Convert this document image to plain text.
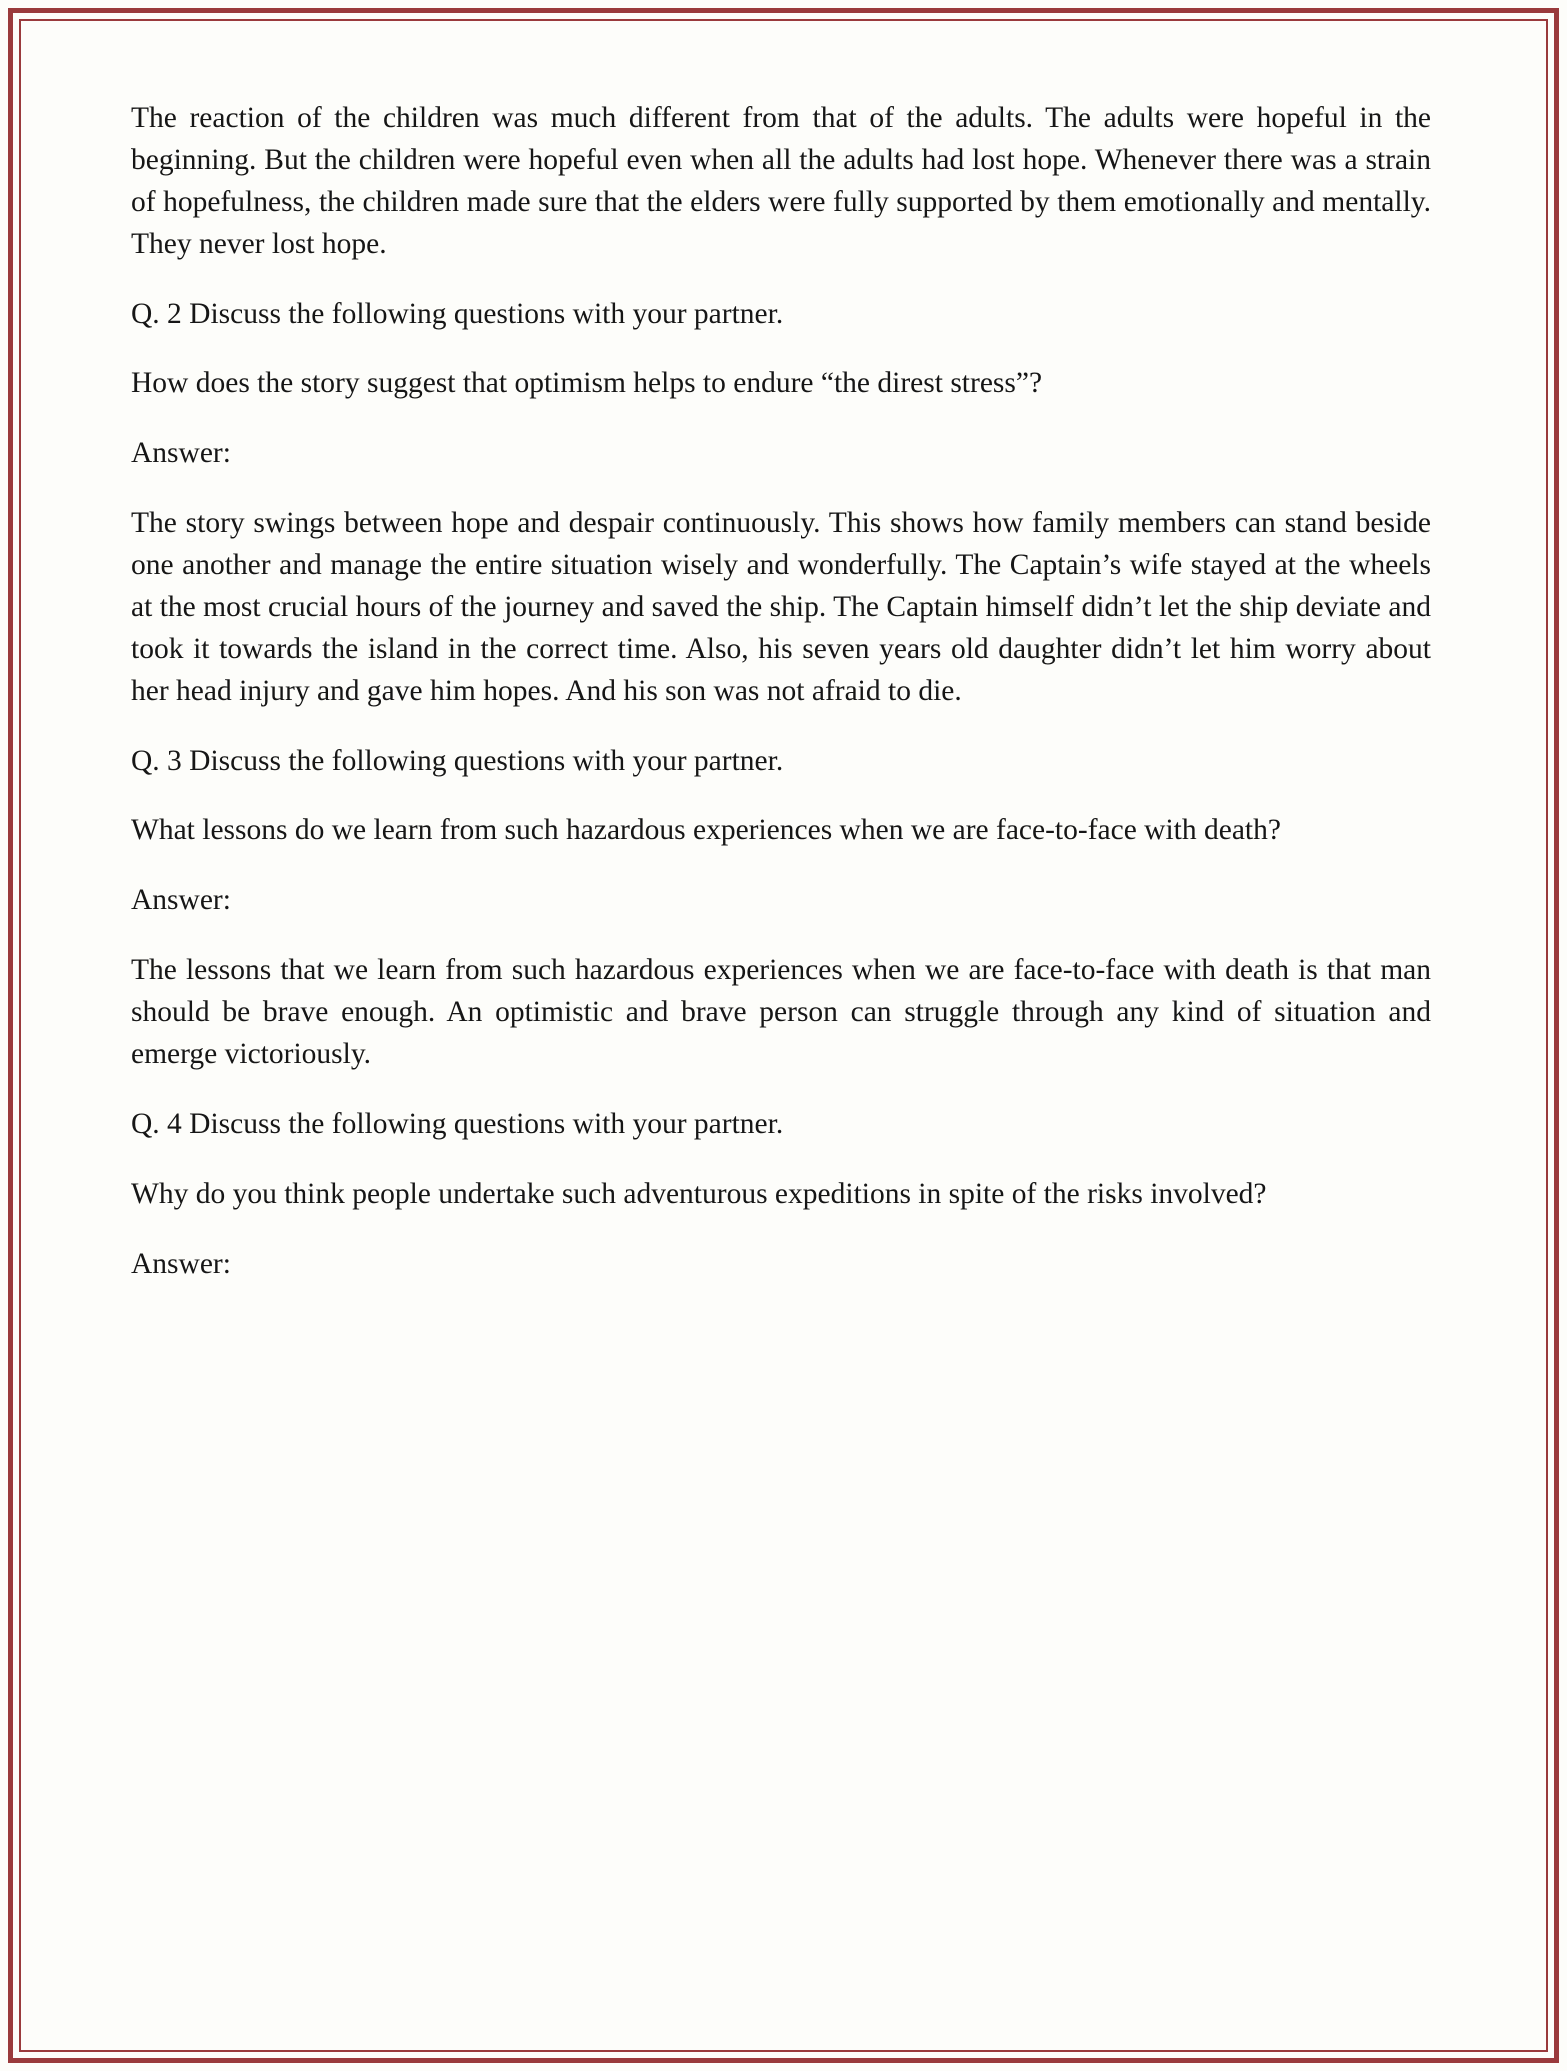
The reaction of the children was much different from that of the adults. The adults were hopeful in the beginning. But the children were hopeful even when all the adults had lost hope. Whenever there was a strain of hopefulness, the children made sure that the elders were fully supported by them emotionally and mentally. They never lost hope.

Q. 2 Discuss the following questions with your partner.

How does the story suggest that optimism helps to endure “the direst stress”?

Answer:

The story swings between hope and despair continuously. This shows how family members can stand beside one another and manage the entire situation wisely and wonderfully. The Captain’s wife stayed at the wheels at the most crucial hours of the journey and saved the ship. The Captain himself didn’t let the ship deviate and took it towards the island in the correct time. Also, his seven years old daughter didn’t let him worry about her head injury and gave him hopes. And his son was not afraid to die.

Q. 3 Discuss the following questions with your partner.

What lessons do we learn from such hazardous experiences when we are face-to-face with death?

Answer:

The lessons that we learn from such hazardous experiences when we are face-to-face with death is that man should be brave enough. An optimistic and brave person can struggle through any kind of situation and emerge victoriously.

Q. 4 Discuss the following questions with your partner.

Why do you think people undertake such adventurous expeditions in spite of the risks involved?

Answer:
